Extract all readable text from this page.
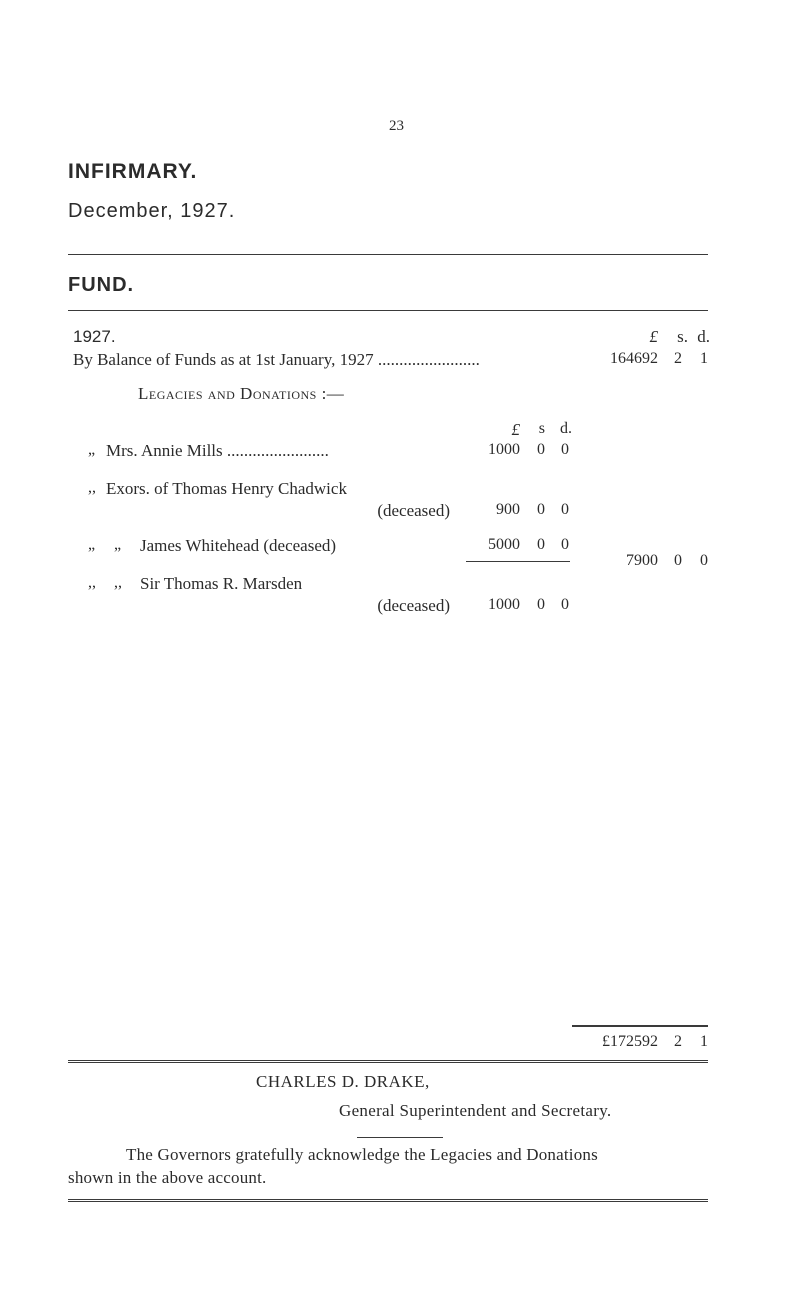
23
INFIRMARY.
December, 1927.
FUND.
1927.	£	s. d.
By Balance of Funds as at 1st January, 1927 ........................	164692	2	1
Legacies and Donations :—
£	s d.
„ Mrs. Annie Mills ........................	1000	0	0
,, Exors. of Thomas Henry Chadwick
(deceased)	900	0	0
„ „ James Whitehead (deceased)	5000	0	0
,, ,, Sir Thomas R. Marsden
(deceased)	1000	0	0
7900	0	0
£172592	2	1
CHARLES D. DRAKE,
General Superintendent and Secretary.
The Governors gratefully acknowledge the Legacies and Donations
shown in the above account.
